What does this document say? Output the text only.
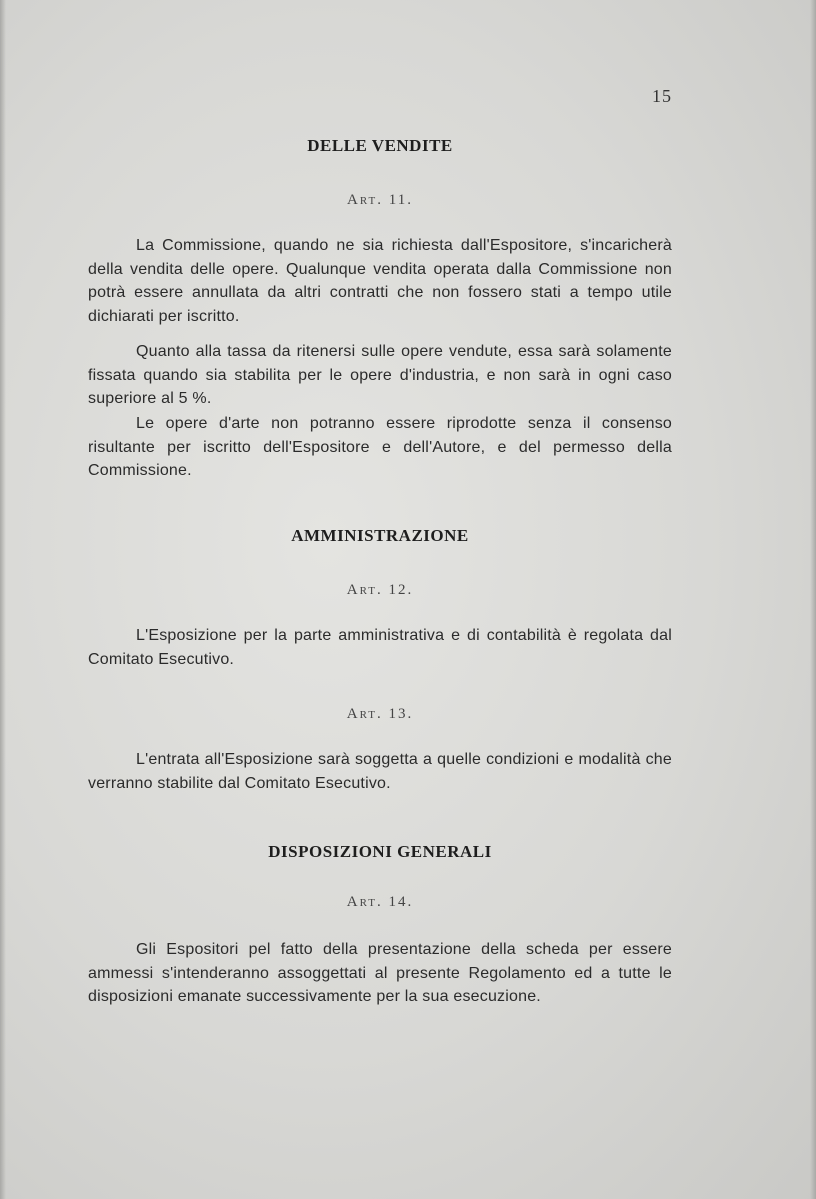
15
DELLE VENDITE
Art. 11.
La Commissione, quando ne sia richiesta dall'Espositore, s'incaricherà della vendita delle opere. Qualunque vendita operata dalla Commissione non potrà essere annullata da altri contratti che non fossero stati a tempo utile dichiarati per iscritto.
Quanto alla tassa da ritenersi sulle opere vendute, essa sarà solamente fissata quando sia stabilita per le opere d'industria, e non sarà in ogni caso superiore al 5 %.
Le opere d'arte non potranno essere riprodotte senza il consenso risultante per iscritto dell'Espositore e dell'Autore, e del permesso della Commissione.
AMMINISTRAZIONE
Art. 12.
L'Esposizione per la parte amministrativa e di contabilità è regolata dal Comitato Esecutivo.
Art. 13.
L'entrata all'Esposizione sarà soggetta a quelle condizioni e modalità che verranno stabilite dal Comitato Esecutivo.
DISPOSIZIONI GENERALI
Art. 14.
Gli Espositori pel fatto della presentazione della scheda per essere ammessi s'intenderanno assoggettati al presente Regolamento ed a tutte le disposizioni emanate successivamente per la sua esecuzione.
